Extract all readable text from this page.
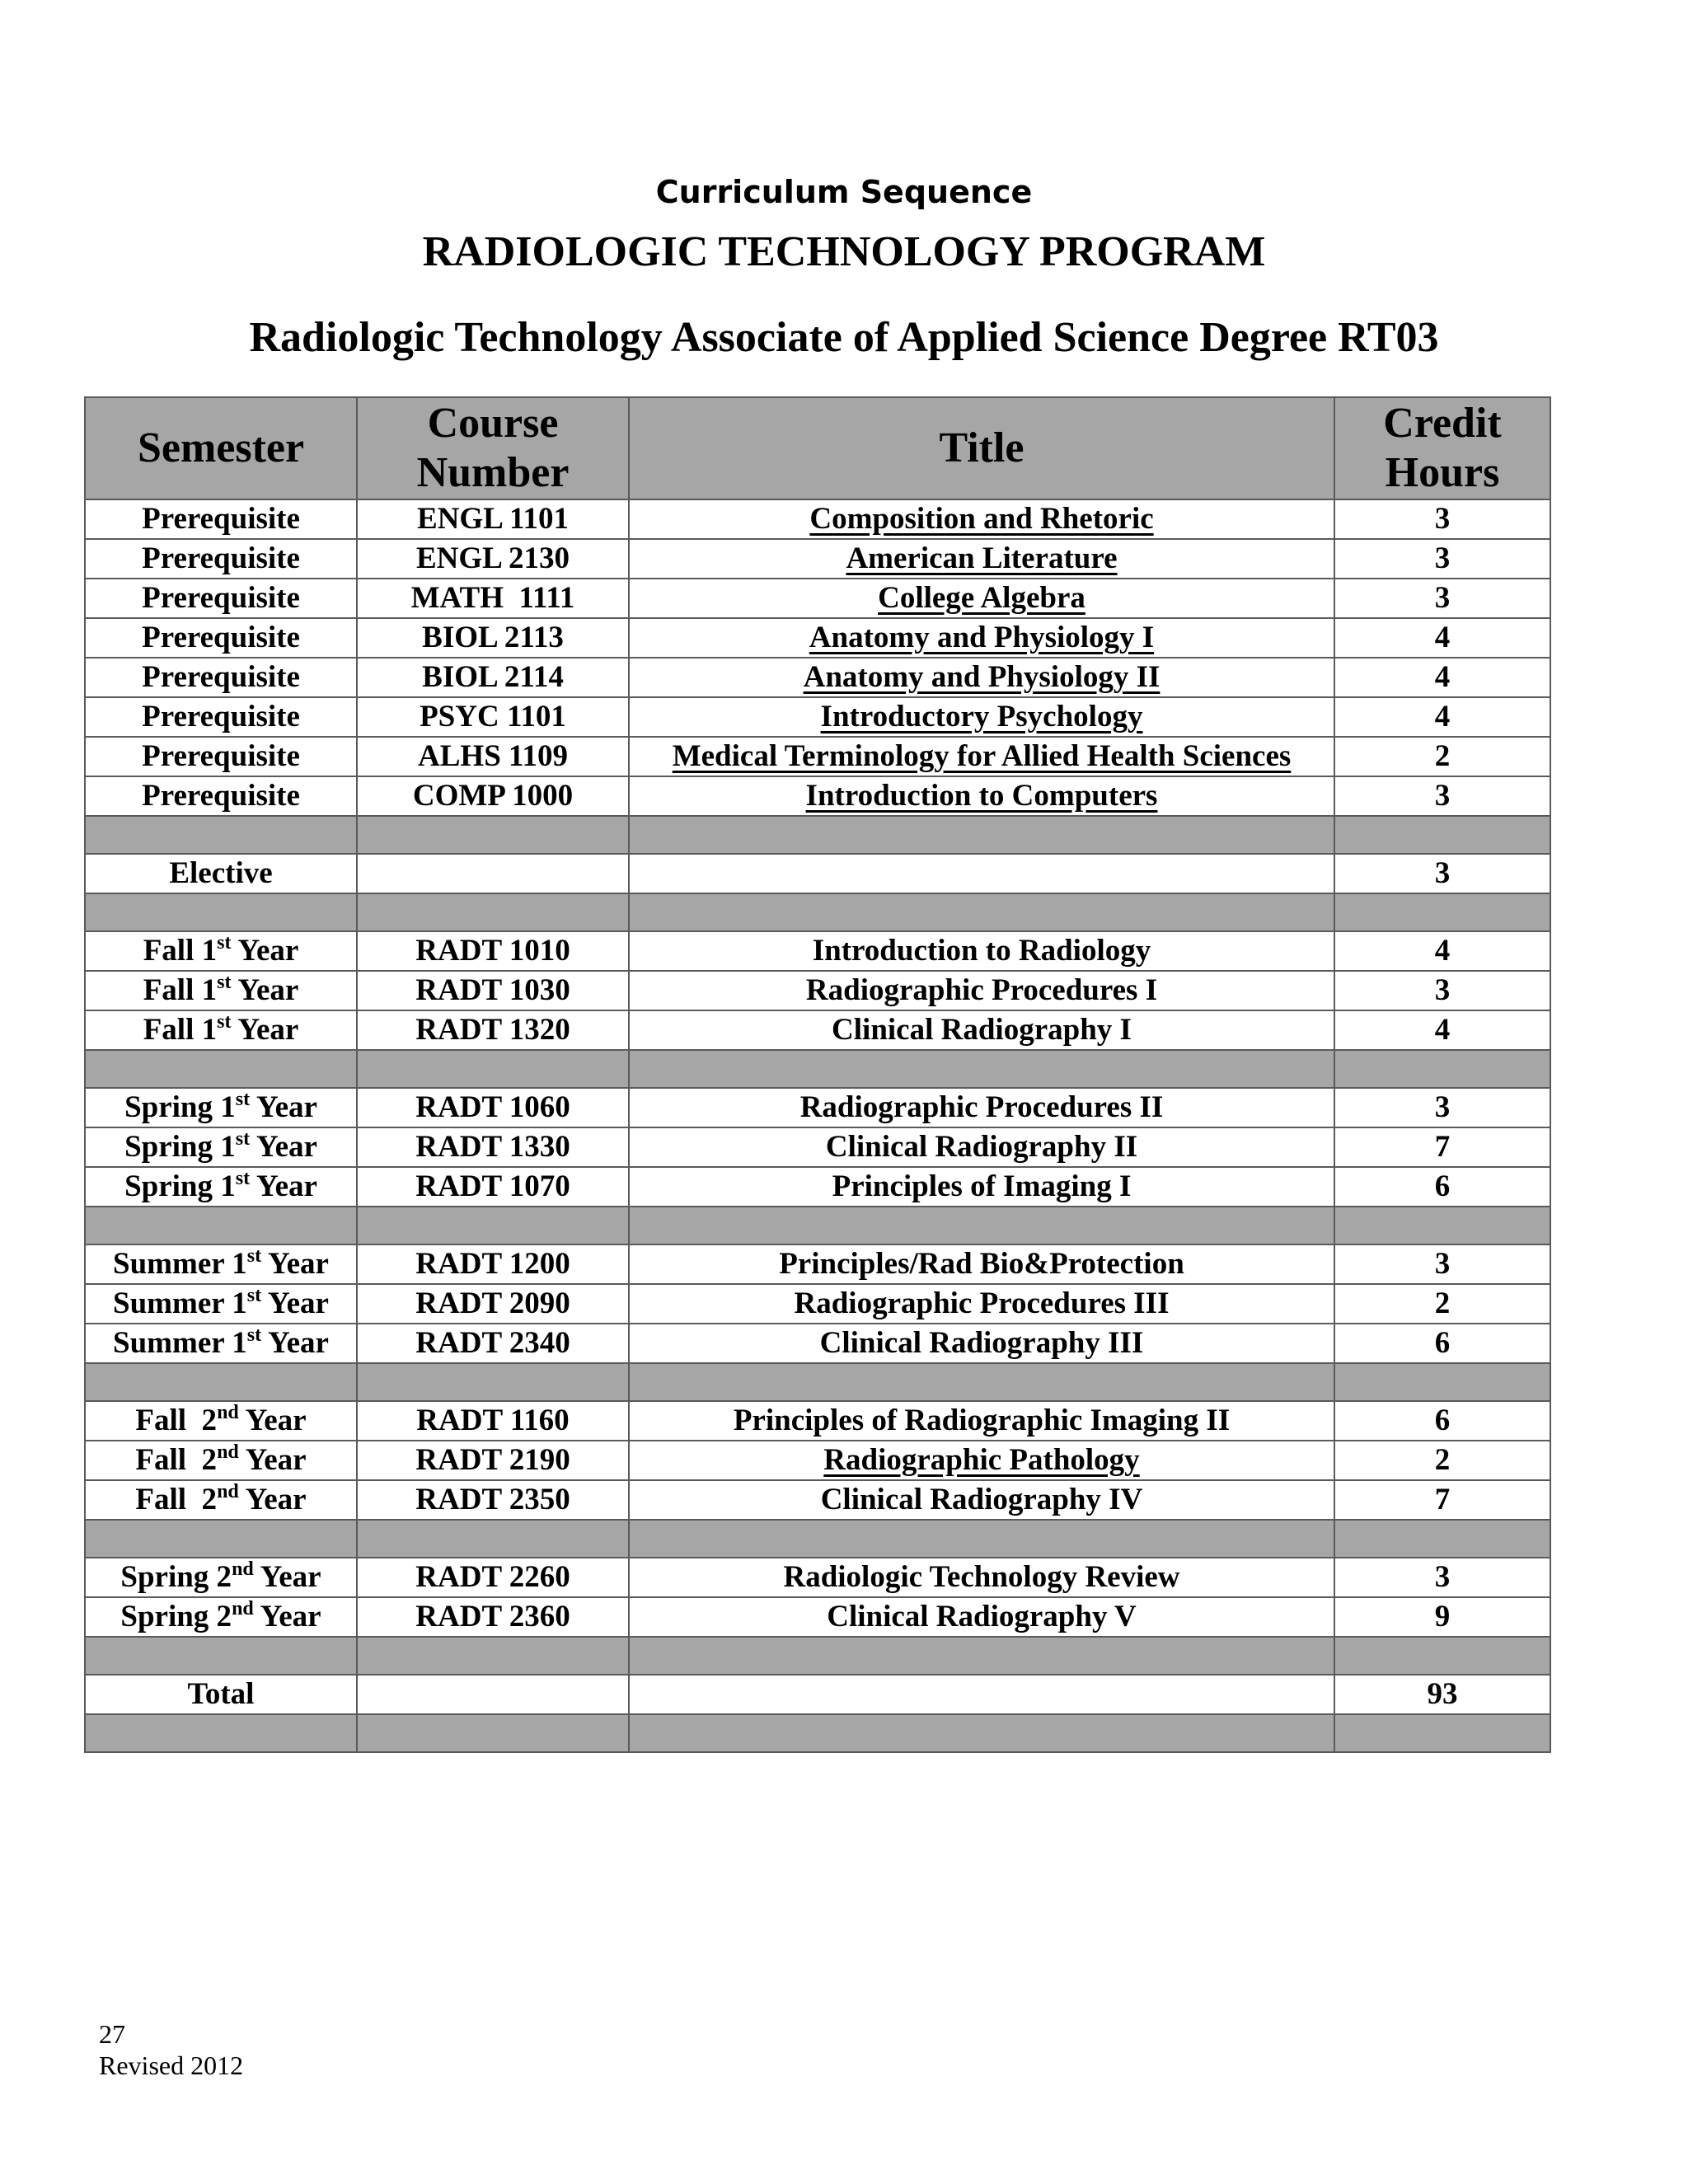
Curriculum Sequence
RADIOLOGIC TECHNOLOGY PROGRAM
Radiologic Technology Associate of Applied Science Degree RT03
Semester	Course Number	Title	Credit Hours
Prerequisite	ENGL 1101	Composition and Rhetoric	3
Prerequisite	ENGL 2130	American Literature	3
Prerequisite	MATH  1111	College Algebra	3
Prerequisite	BIOL 2113	Anatomy and Physiology I	4
Prerequisite	BIOL 2114	Anatomy and Physiology II	4
Prerequisite	PSYC 1101	Introductory Psychology	4
Prerequisite	ALHS 1109	Medical Terminology for Allied Health Sciences	2
Prerequisite	COMP 1000	Introduction to Computers	3

Elective			3

Fall 1st Year	RADT 1010	Introduction to Radiology	4
Fall 1st Year	RADT 1030	Radiographic Procedures I	3
Fall 1st Year	RADT 1320	Clinical Radiography I	4

Spring 1st Year	RADT 1060	Radiographic Procedures II	3
Spring 1st Year	RADT 1330	Clinical Radiography II	7
Spring 1st Year	RADT 1070	Principles of Imaging I	6

Summer 1st Year	RADT 1200	Principles/Rad Bio&Protection	3
Summer 1st Year	RADT 2090	Radiographic Procedures III	2
Summer 1st Year	RADT 2340	Clinical Radiography III	6

Fall  2nd Year	RADT 1160	Principles of Radiographic Imaging II	6
Fall  2nd Year	RADT 2190	Radiographic Pathology	2
Fall  2nd Year	RADT 2350	Clinical Radiography IV	7

Spring 2nd Year	RADT 2260	Radiologic Technology Review	3
Spring 2nd Year	RADT 2360	Clinical Radiography V	9

Total			93

27
Revised 2012
